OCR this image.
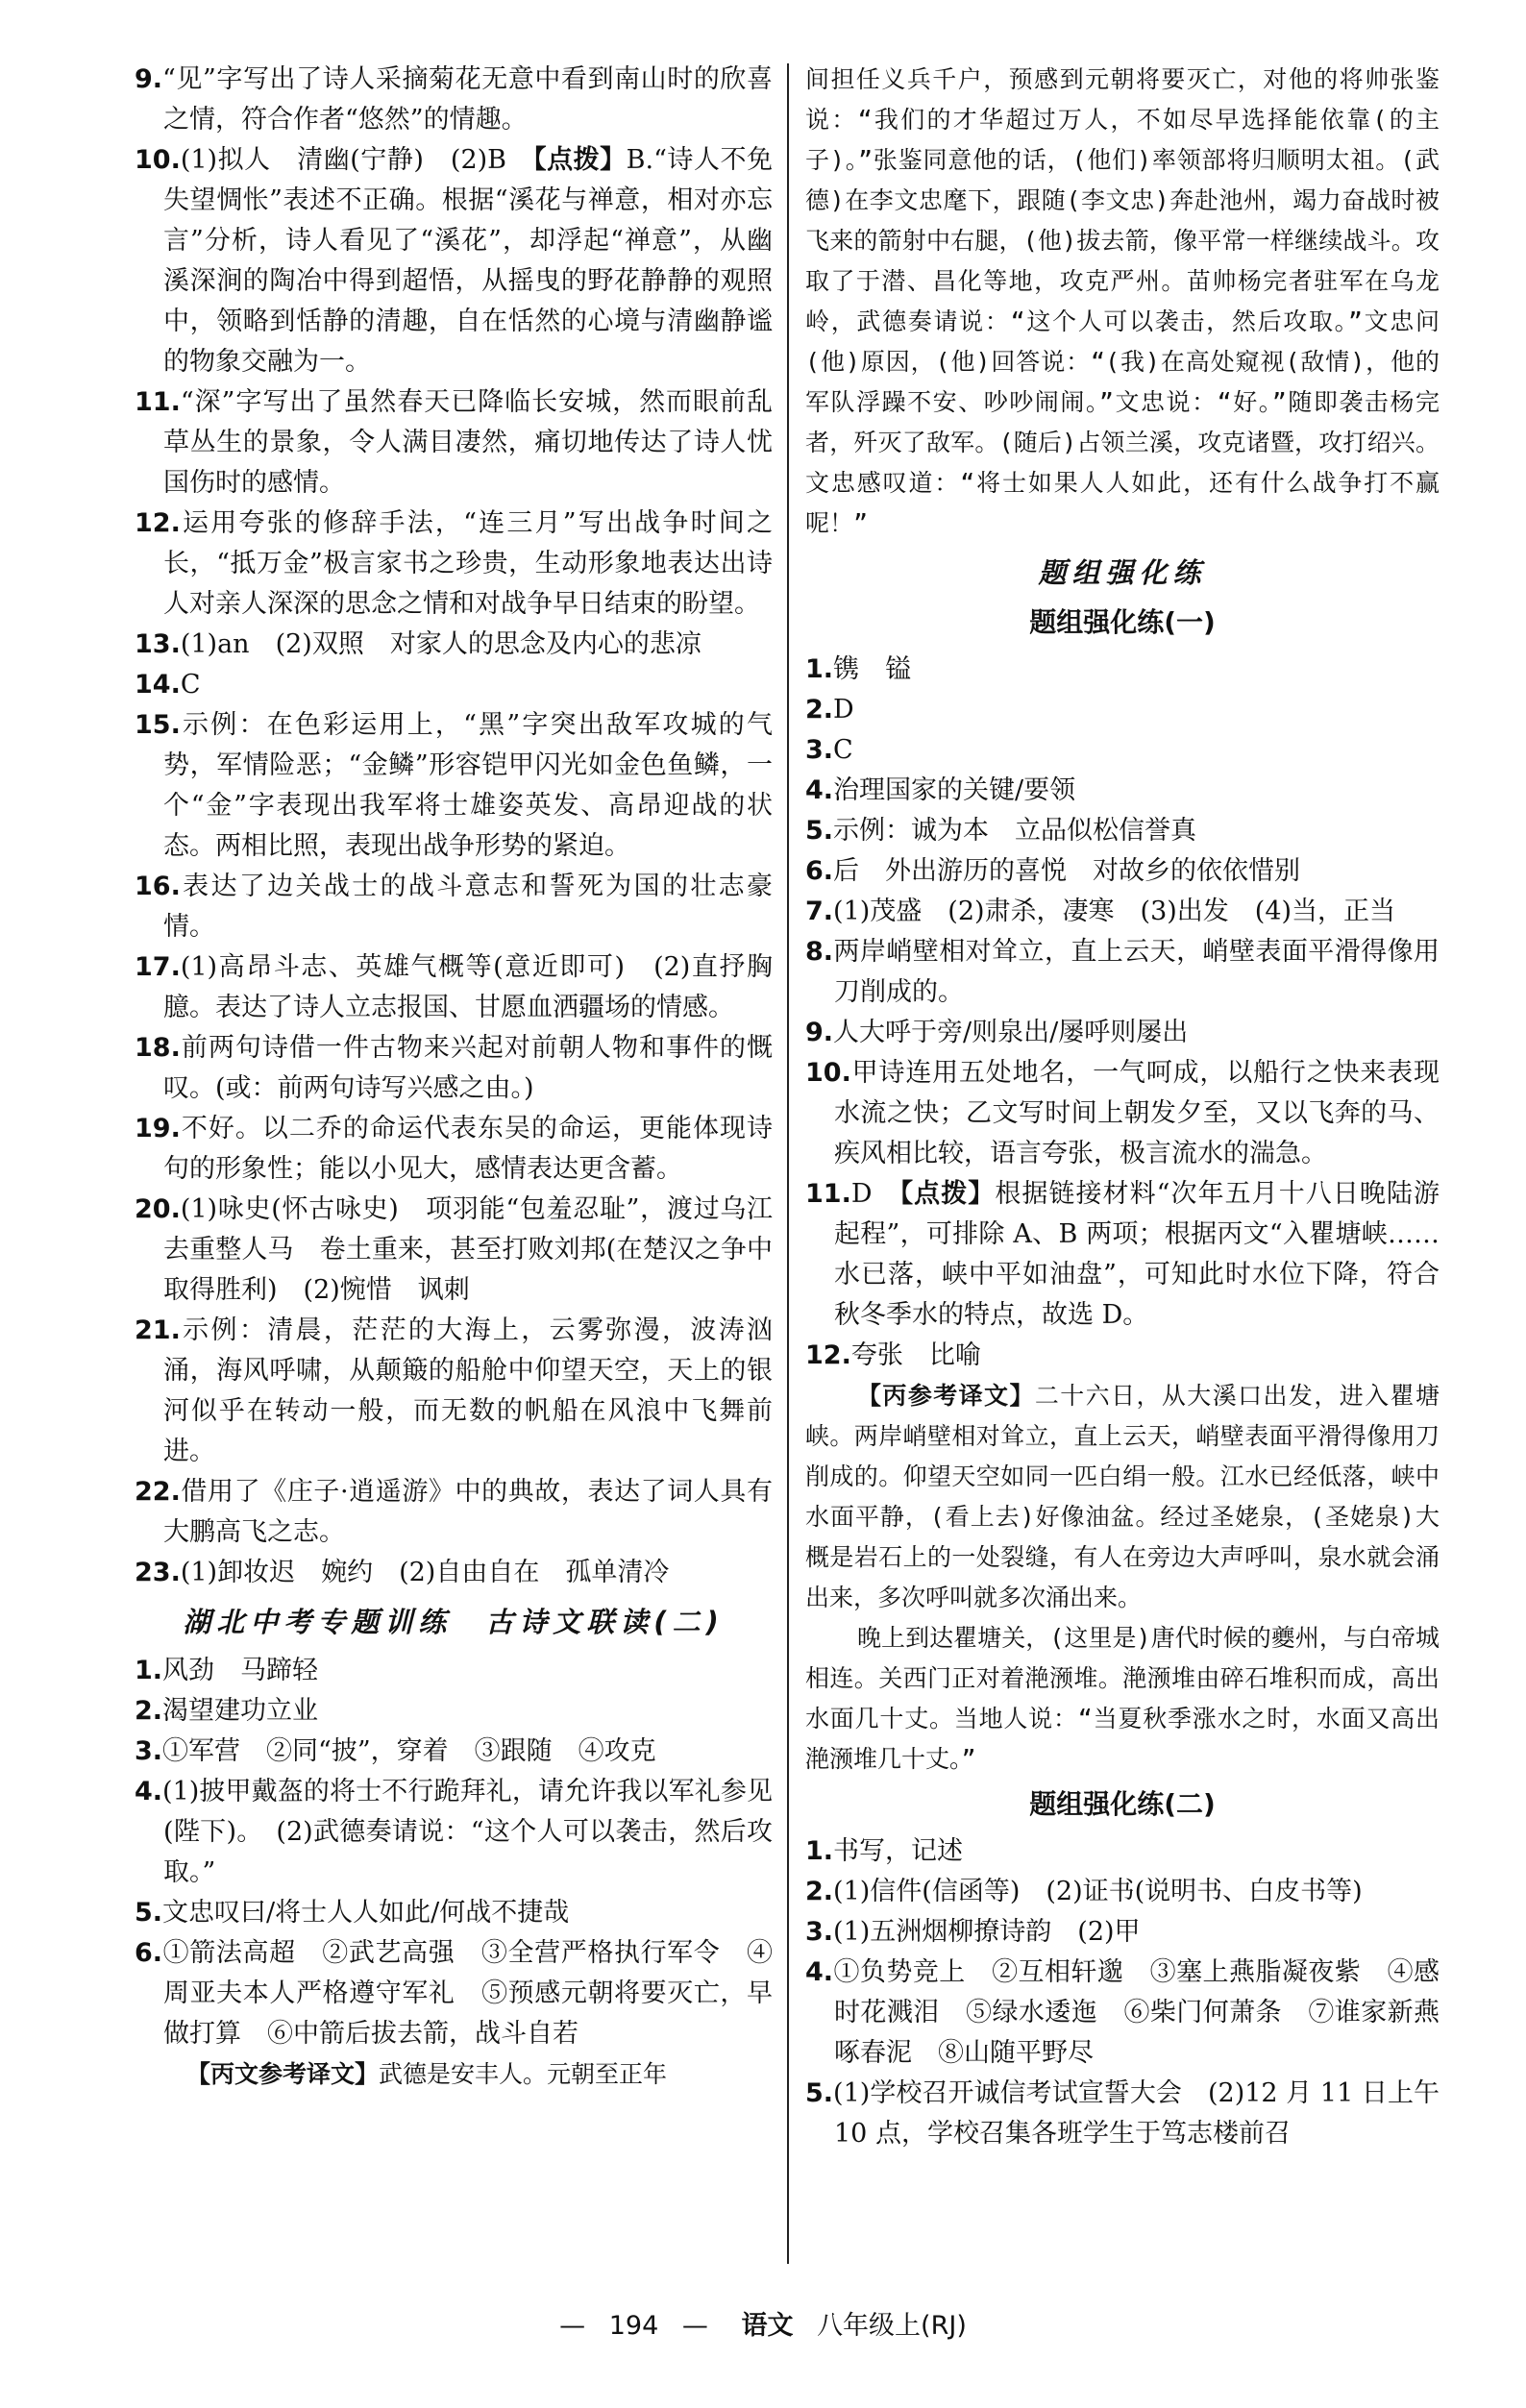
9.“见”字写出了诗人采摘菊花无意中看到南山时的欣喜之情，符合作者“悠然”的情趣。

10.(1)拟人　清幽(宁静)　(2)B　【点拨】B.“诗人不免失望惆怅”表述不正确。根据“溪花与禅意，相对亦忘言”分析，诗人看见了“溪花”，却浮起“禅意”，从幽溪深涧的陶冶中得到超悟，从摇曳的野花静静的观照中，领略到恬静的清趣，自在恬然的心境与清幽静谧的物象交融为一。

11.“深”字写出了虽然春天已降临长安城，然而眼前乱草丛生的景象，令人满目凄然，痛切地传达了诗人忧国伤时的感情。

12.运用夸张的修辞手法，“连三月”写出战争时间之长，“抵万金”极言家书之珍贵，生动形象地表达出诗人对亲人深深的思念之情和对战争早日结束的盼望。

13.(1)an　(2)双照　对家人的思念及内心的悲凉

14.C

15.示例：在色彩运用上，“黑”字突出敌军攻城的气势，军情险恶；“金鳞”形容铠甲闪光如金色鱼鳞，一个“金”字表现出我军将士雄姿英发、高昂迎战的状态。两相比照，表现出战争形势的紧迫。

16.表达了边关战士的战斗意志和誓死为国的壮志豪情。

17.(1)高昂斗志、英雄气概等(意近即可)　(2)直抒胸臆。表达了诗人立志报国、甘愿血洒疆场的情感。

18.前两句诗借一件古物来兴起对前朝人物和事件的慨叹。(或：前两句诗写兴感之由。)

19.不好。以二乔的命运代表东吴的命运，更能体现诗句的形象性；能以小见大，感情表达更含蓄。

20.(1)咏史(怀古咏史)　项羽能“包羞忍耻”，渡过乌江去重整人马　卷土重来，甚至打败刘邦(在楚汉之争中取得胜利)　(2)惋惜　讽刺

21.示例：清晨，茫茫的大海上，云雾弥漫，波涛汹涌，海风呼啸，从颠簸的船舱中仰望天空，天上的银河似乎在转动一般，而无数的帆船在风浪中飞舞前进。

22.借用了《庄子·逍遥游》中的典故，表达了词人具有大鹏高飞之志。

23.(1)卸妆迟　婉约　(2)自由自在　孤单清冷

湖北中考专题训练　古诗文联读(二)

1.风劲　马蹄轻

2.渴望建功立业

3.①军营　②同“披”，穿着　③跟随　④攻克

4.(1)披甲戴盔的将士不行跪拜礼，请允许我以军礼参见(陛下)。　(2)武德奏请说：“这个人可以袭击，然后攻取。”

5.文忠叹曰/将士人人如此/何战不捷哉

6.①箭法高超　②武艺高强　③全营严格执行军令　④周亚夫本人严格遵守军礼　⑤预感元朝将要灭亡，早做打算　⑥中箭后拔去箭，战斗自若

【丙文参考译文】武德是安丰人。元朝至正年

间担任义兵千户，预感到元朝将要灭亡，对他的将帅张鉴说：“我们的才华超过万人，不如尽早选择能依靠(的主子)。”张鉴同意他的话，(他们)率领部将归顺明太祖。(武德)在李文忠麾下，跟随(李文忠)奔赴池州，竭力奋战时被飞来的箭射中右腿，(他)拔去箭，像平常一样继续战斗。攻取了于潜、昌化等地，攻克严州。苗帅杨完者驻军在乌龙岭，武德奏请说：“这个人可以袭击，然后攻取。”文忠问(他)原因，(他)回答说：“(我)在高处窥视(敌情)，他的军队浮躁不安、吵吵闹闹。”文忠说：“好。”随即袭击杨完者，歼灭了敌军。(随后)占领兰溪，攻克诸暨，攻打绍兴。文忠感叹道：“将士如果人人如此，还有什么战争打不赢呢！”

题组强化练
题组强化练(一)

1.镌　镒

2.D

3.C

4.治理国家的关键/要领

5.示例：诚为本　立品似松信誉真

6.后　外出游历的喜悦　对故乡的依依惜别

7.(1)茂盛　(2)肃杀，凄寒　(3)出发　(4)当，正当

8.两岸峭壁相对耸立，直上云天，峭壁表面平滑得像用刀削成的。

9.人大呼于旁/则泉出/屡呼则屡出

10.甲诗连用五处地名，一气呵成，以船行之快来表现水流之快；乙文写时间上朝发夕至，又以飞奔的马、疾风相比较，语言夸张，极言流水的湍急。

11.D　【点拨】根据链接材料“次年五月十八日晚陆游起程”，可排除 A、B 两项；根据丙文“入瞿塘峡……水已落，峡中平如油盘”，可知此时水位下降，符合秋冬季水的特点，故选 D。

12.夸张　比喻

【丙参考译文】二十六日，从大溪口出发，进入瞿塘峡。两岸峭壁相对耸立，直上云天，峭壁表面平滑得像用刀削成的。仰望天空如同一匹白绢一般。江水已经低落，峡中水面平静，(看上去)好像油盆。经过圣姥泉，(圣姥泉)大概是岩石上的一处裂缝，有人在旁边大声呼叫，泉水就会涌出来，多次呼叫就多次涌出来。

晚上到达瞿塘关，(这里是)唐代时候的夔州，与白帝城相连。关西门正对着滟滪堆。滟滪堆由碎石堆积而成，高出水面几十丈。当地人说：“当夏秋季涨水之时，水面又高出滟滪堆几十丈。”

题组强化练(二)

1.书写，记述

2.(1)信件(信函等)　(2)证书(说明书、白皮书等)

3.(1)五洲烟柳撩诗韵　(2)甲

4.①负势竞上　②互相轩邈　③塞上燕脂凝夜紫　④感时花溅泪　⑤绿水逶迤　⑥柴门何萧条　⑦谁家新燕啄春泥　⑧山随平野尽

5.(1)学校召开诚信考试宣誓大会　(2)12 月 11 日上午 10 点，学校召集各班学生于笃志楼前召

— 194 — 语文 八年级上(RJ)
